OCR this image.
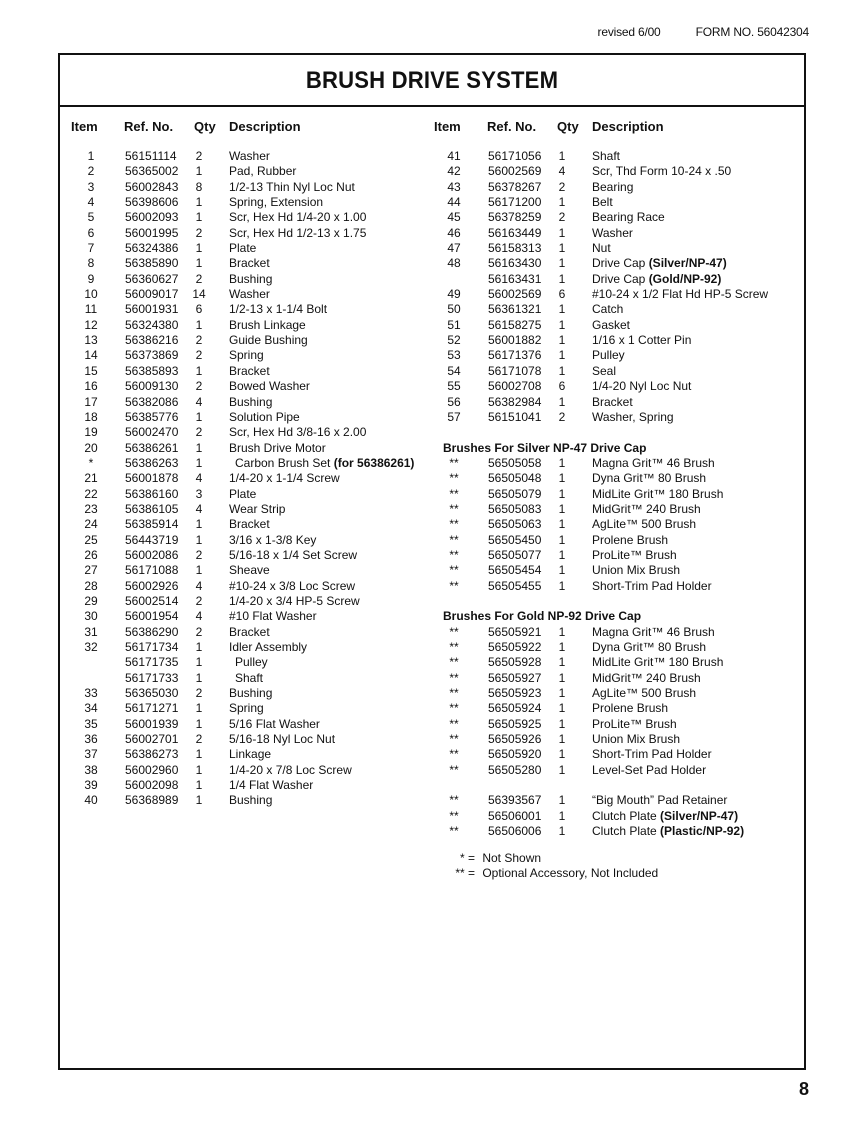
revised 6/00	FORM NO. 56042304
BRUSH DRIVE SYSTEM
Item Ref. No. Qty Description	Item Ref. No. Qty Description
1	56151114	2	Washer
2	56365002	1	Pad, Rubber
3	56002843	8	1/2-13 Thin Nyl Loc Nut
4	56398606	1	Spring, Extension
5	56002093	1	Scr, Hex Hd 1/4-20 x 1.00
6	56001995	2	Scr, Hex Hd 1/2-13 x 1.75
7	56324386	1	Plate
8	56385890	1	Bracket
9	56360627	2	Bushing
10	56009017 14 Washer
11	56001931	6	1/2-13 x 1-1/4 Bolt
12	56324380	1	Brush Linkage
13	56386216	2	Guide Bushing
14	56373869	2	Spring
15	56385893	1	Bracket
16	56009130	2	Bowed Washer
17	56382086	4	Bushing
18	56385776	1	Solution Pipe
19	56002470	2	Scr, Hex Hd 3/8-16 x 2.00
20	56386261	1	Brush Drive Motor
*	56386263	1	Carbon Brush Set (for 56386261)
21	56001878	4	1/4-20 x 1-1/4 Screw
22	56386160	3	Plate
23	56386105	4	Wear Strip
24	56385914	1	Bracket
25	56443719	1	3/16 x 1-3/8 Key
26	56002086	2	5/16-18 x 1/4 Set Screw
27	56171088	1	Sheave
28	56002926	4	#10-24 x 3/8 Loc Screw
29	56002514	2	1/4-20 x 3/4 HP-5 Screw
30	56001954	4	#10 Flat Washer
31	56386290	2	Bracket
32	56171734	1	Idler Assembly
56171735	1	Pulley
56171733	1	Shaft
33	56365030	2	Bushing
34	56171271	1	Spring
35	56001939	1	5/16 Flat Washer
36	56002701	2	5/16-18 Nyl Loc Nut
37	56386273	1	Linkage
38	56002960	1	1/4-20 x 7/8 Loc Screw
39	56002098	1	1/4 Flat Washer
40	56368989	1	Bushing
41	56171056	1	Shaft
42	56002569	4	Scr, Thd Form 10-24 x .50
43	56378267	2	Bearing
44	56171200	1	Belt
45	56378259	2	Bearing Race
46	56163449	1	Washer
47	56158313	1	Nut
48	56163430	1	Drive Cap (Silver/NP-47)
56163431	1	Drive Cap (Gold/NP-92)
49	56002569	6	#10-24 x 1/2 Flat Hd HP-5 Screw
50	56361321	1	Catch
51	56158275	1	Gasket
52	56001882	1	1/16 x 1 Cotter Pin
53	56171376	1	Pulley
54	56171078	1	Seal
55	56002708	6	1/4-20 Nyl Loc Nut
56	56382984	1	Bracket
57	56151041	2	Washer, Spring
Brushes For Silver NP-47 Drive Cap
**	56505058	1	Magna Grit™ 46 Brush
**	56505048	1	Dyna Grit™ 80 Brush
**	56505079	1	MidLite Grit™ 180 Brush
**	56505083	1	MidGrit™ 240 Brush
**	56505063	1	AgLite™ 500 Brush
**	56505450	1	Prolene Brush
**	56505077	1	ProLite™ Brush
**	56505454	1	Union Mix Brush
**	56505455	1	Short-Trim Pad Holder
Brushes For Gold NP-92 Drive Cap
**	56505921	1	Magna Grit™ 46 Brush
**	56505922	1	Dyna Grit™ 80 Brush
**	56505928	1	MidLite Grit™ 180 Brush
**	56505927	1	MidGrit™ 240 Brush
**	56505923	1	AgLite™ 500 Brush
**	56505924	1	Prolene Brush
**	56505925	1	ProLite™ Brush
**	56505926	1	Union Mix Brush
**	56505920	1	Short-Trim Pad Holder
**	56505280	1	Level-Set Pad Holder
**	56393567	1	“Big Mouth” Pad Retainer
**	56506001	1	Clutch Plate (Silver/NP-47)
**	56506006	1	Clutch Plate (Plastic/NP-92)
* = Not Shown
** = Optional Accessory, Not Included
8
